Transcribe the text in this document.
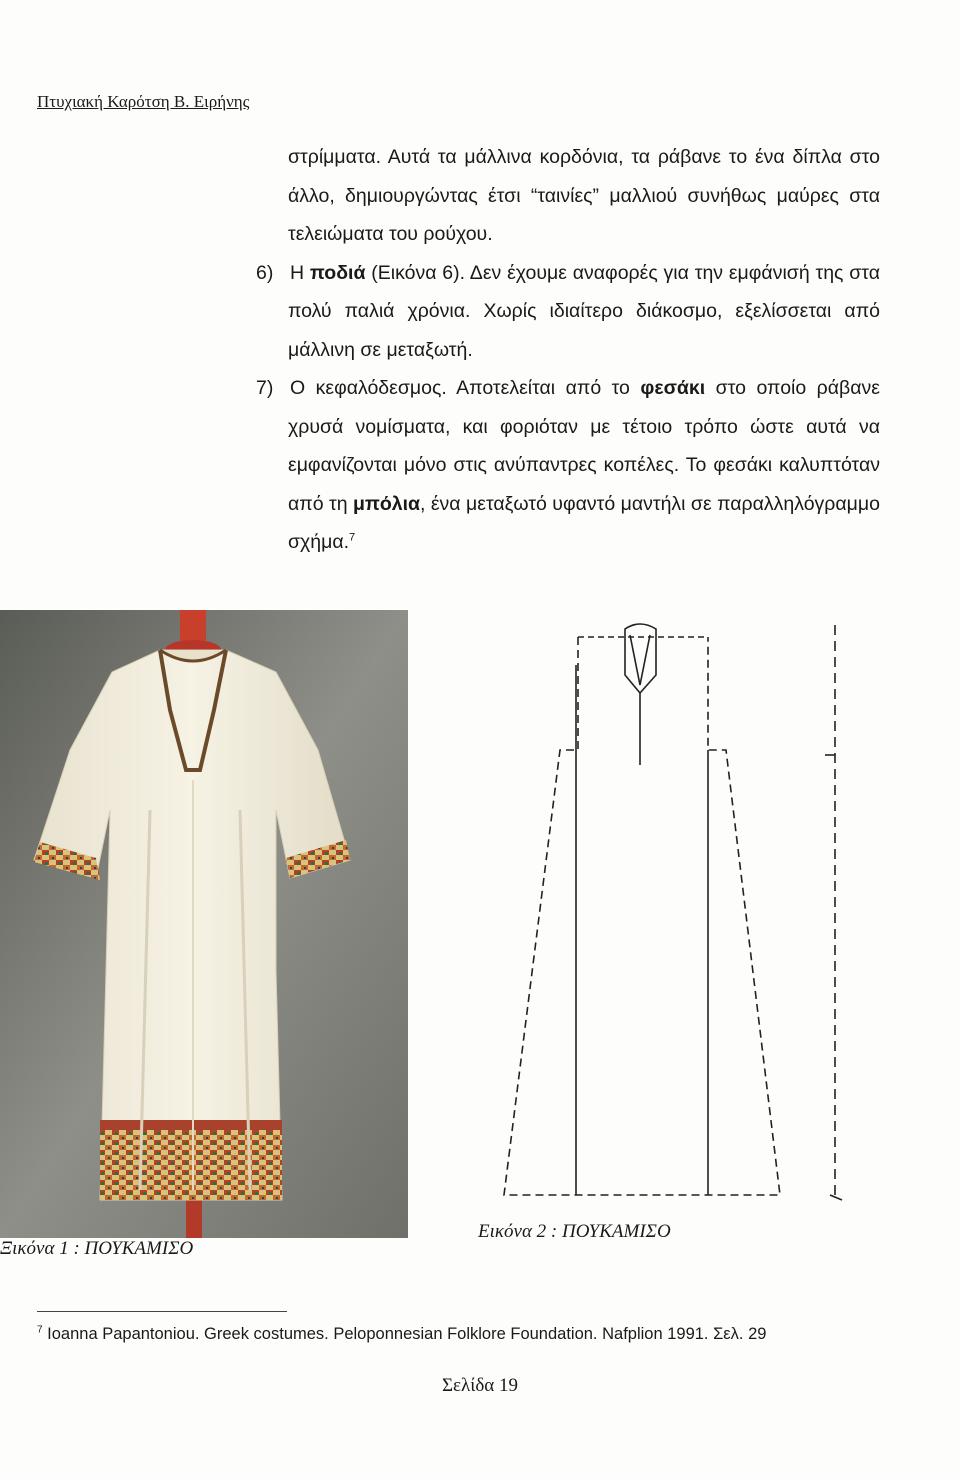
Πτυχιακή Καρότση Β. Ειρήνης

στρίμματα. Αυτά τα μάλλινα κορδόνια, τα ράβανε το ένα δίπλα στο άλλο, δημιουργώντας έτσι “ταινίες” μαλλιού συνήθως μαύρες στα τελειώματα του ρούχου.

6) Η ποδιά (Εικόνα 6). Δεν έχουμε αναφορές για την εμφάνισή της στα πολύ παλιά χρόνια. Χωρίς ιδιαίτερο διάκοσμο, εξελίσσεται από μάλλινη σε μεταξωτή.

7) Ο κεφαλόδεσμος. Αποτελείται από το φεσάκι στο οποίο ράβανε χρυσά νομίσματα, και φοριόταν με τέτοιο τρόπο ώστε αυτά να εμφανίζονται μόνο στις ανύπαντρες κοπέλες. Το φεσάκι καλυπτόταν από τη μπόλια, ένα μεταξωτό υφαντό μαντήλι σε παραλληλόγραμμο σχήμα.$^7$

Ξικόνα 1 : ΠΟΥΚΑΜΙΣΟ
Εικόνα 2 : ΠΟΥΚΑΜΙΣΟ
$^7$ Ioanna Papantoniou. Greek costumes. Peloponnesian Folklore Foundation. Nafplion 1991. Σελ. 29
Σελίδα 19
